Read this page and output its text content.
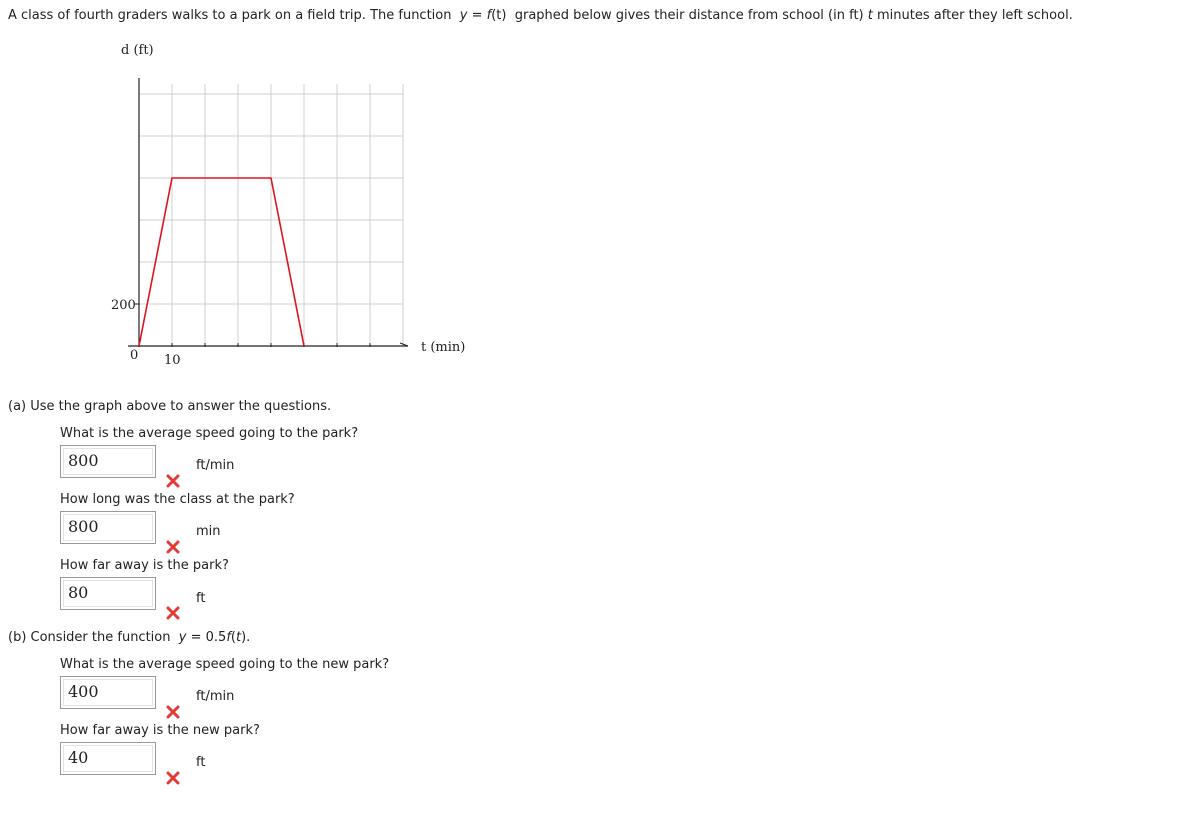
A class of fourth graders walks to a park on a field trip. The function y = f(t) graphed below gives their distance from school (in ft) t minutes after they left school.
d (ft)
200
0 10
t (min)
(a) Use the graph above to answer the questions.
What is the average speed going to the park?
800	ft/min
How long was the class at the park?
800	min
How far away is the park?
80	ft
(b) Consider the function y = 0.5f(t).
What is the average speed going to the new park?
400	ft/min
How far away is the new park?
40	ft
